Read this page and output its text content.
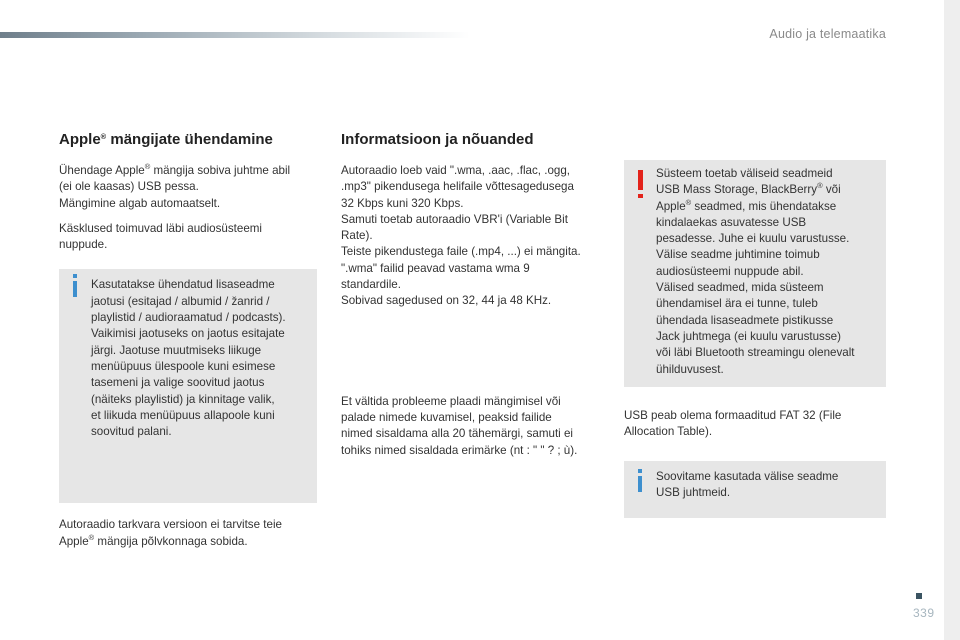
Audio ja telemaatika
Apple® mängijate ühendamine

Ühendage Apple® mängija sobiva juhtme abil
(ei ole kaasas) USB pessa.
Mängimine algab automaatselt.

Käsklused toimuvad läbi audiosüsteemi
nuppude.

Kasutatakse ühendatud lisaseadme
jaotusi (esitajad / albumid / žanrid /
playlistid / audioraamatud / podcasts).
Vaikimisi jaotuseks on jaotus esitajate
järgi. Jaotuse muutmiseks liikuge
menüüpuus ülespoole kuni esimese
tasemeni ja valige soovitud jaotus
(näiteks playlistid) ja kinnitage valik,
et liikuda menüüpuus allapoole kuni
soovitud palani.

Autoraadio tarkvara versioon ei tarvitse teie
Apple® mängija põlvkonnaga sobida.

Informatsioon ja nõuanded

Autoraadio loeb vaid ".wma, .aac, .flac, .ogg,
.mp3" pikendusega helifaile võttesagedusega
32 Kbps kuni 320 Kbps.
Samuti toetab autoraadio VBR'i (Variable Bit
Rate).
Teiste pikendustega faile (.mp4, ...) ei mängita.
".wma" failid peavad vastama wma 9
standardile.
Sobivad sagedused on 32, 44 ja 48 KHz.

Et vältida probleeme plaadi mängimisel või
palade nimede kuvamisel, peaksid failide
nimed sisaldama alla 20 tähemärgi, samuti ei
tohiks nimed sisaldada erimärke (nt : " " ? ; ù).

Süsteem toetab väliseid seadmeid
USB Mass Storage, BlackBerry® või
Apple® seadmed, mis ühendatakse
kindalaekas asuvatesse USB
pesadesse. Juhe ei kuulu varustusse.
Välise seadme juhtimine toimub
audiosüsteemi nuppude abil.
Välised seadmed, mida süsteem
ühendamisel ära ei tunne, tuleb
ühendada lisaseadmete pistikusse
Jack juhtmega (ei kuulu varustusse)
või läbi Bluetooth streamingu olenevalt
ühilduvusest.

USB peab olema formaaditud FAT 32 (File
Allocation Table).

Soovitame kasutada välise seadme
USB juhtmeid.
339
